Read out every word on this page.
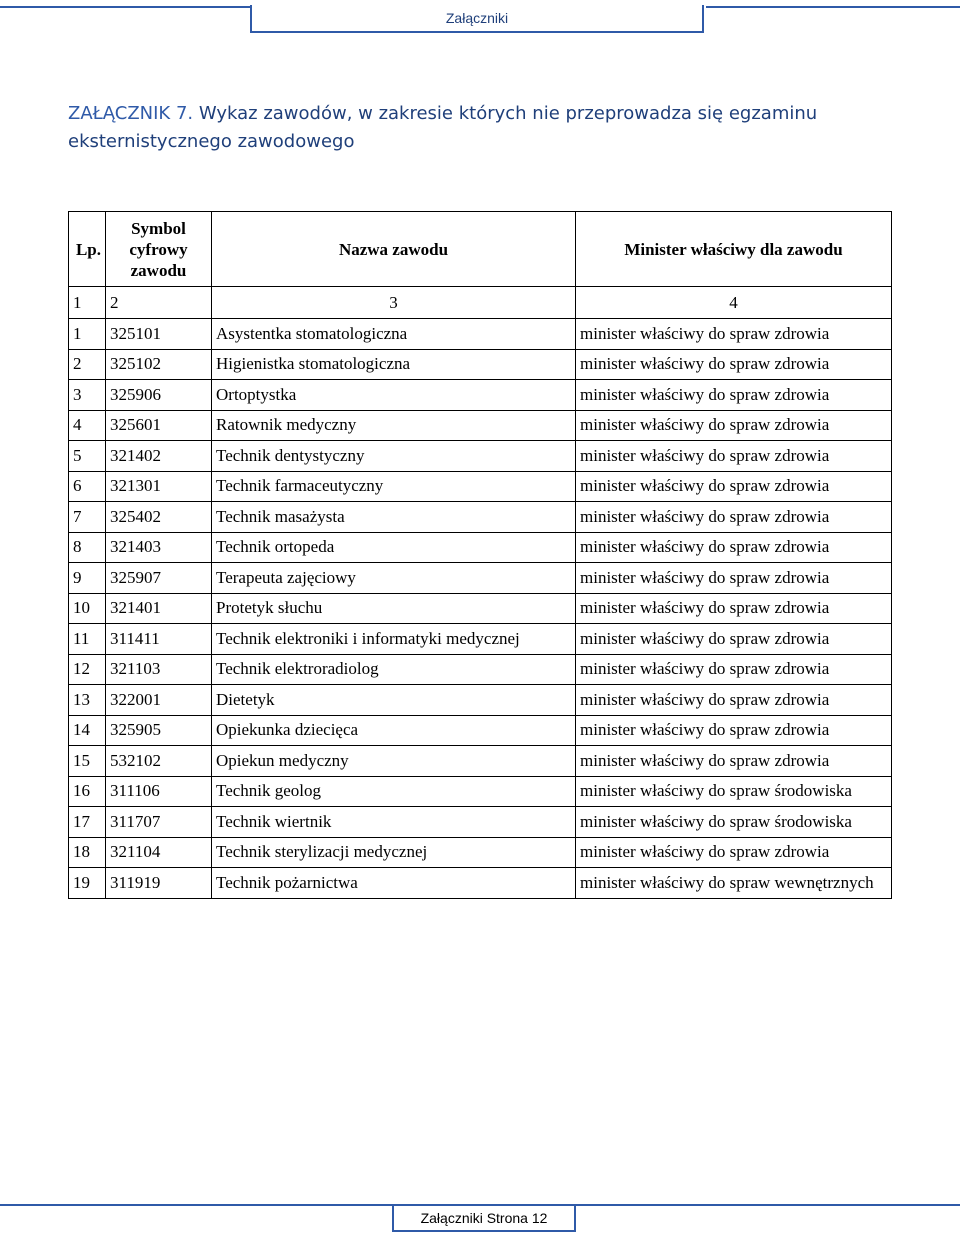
Załączniki
ZAŁĄCZNIK 7. Wykaz zawodów, w zakresie których nie przeprowadza się egzaminu eksternistycznego zawodowego
Lp.	Symbol cyfrowy zawodu	Nazwa zawodu	Minister właściwy dla zawodu
1	2	3	4
1	325101	Asystentka stomatologiczna	minister właściwy do spraw zdrowia
2	325102	Higienistka stomatologiczna	minister właściwy do spraw zdrowia
3	325906	Ortoptystka	minister właściwy do spraw zdrowia
4	325601	Ratownik medyczny	minister właściwy do spraw zdrowia
5	321402	Technik dentystyczny	minister właściwy do spraw zdrowia
6	321301	Technik farmaceutyczny	minister właściwy do spraw zdrowia
7	325402	Technik masażysta	minister właściwy do spraw zdrowia
8	321403	Technik ortopeda	minister właściwy do spraw zdrowia
9	325907	Terapeuta zajęciowy	minister właściwy do spraw zdrowia
10	321401	Protetyk słuchu	minister właściwy do spraw zdrowia
11	311411	Technik elektroniki i informatyki medycznej	minister właściwy do spraw zdrowia
12	321103	Technik elektroradiolog	minister właściwy do spraw zdrowia
13	322001	Dietetyk	minister właściwy do spraw zdrowia
14	325905	Opiekunka dziecięca	minister właściwy do spraw zdrowia
15	532102	Opiekun medyczny	minister właściwy do spraw zdrowia
16	311106	Technik geolog	minister właściwy do spraw środowiska
17	311707	Technik wiertnik	minister właściwy do spraw środowiska
18	321104	Technik sterylizacji medycznej	minister właściwy do spraw zdrowia
19	311919	Technik pożarnictwa	minister właściwy do spraw wewnętrznych
Załączniki Strona 12
